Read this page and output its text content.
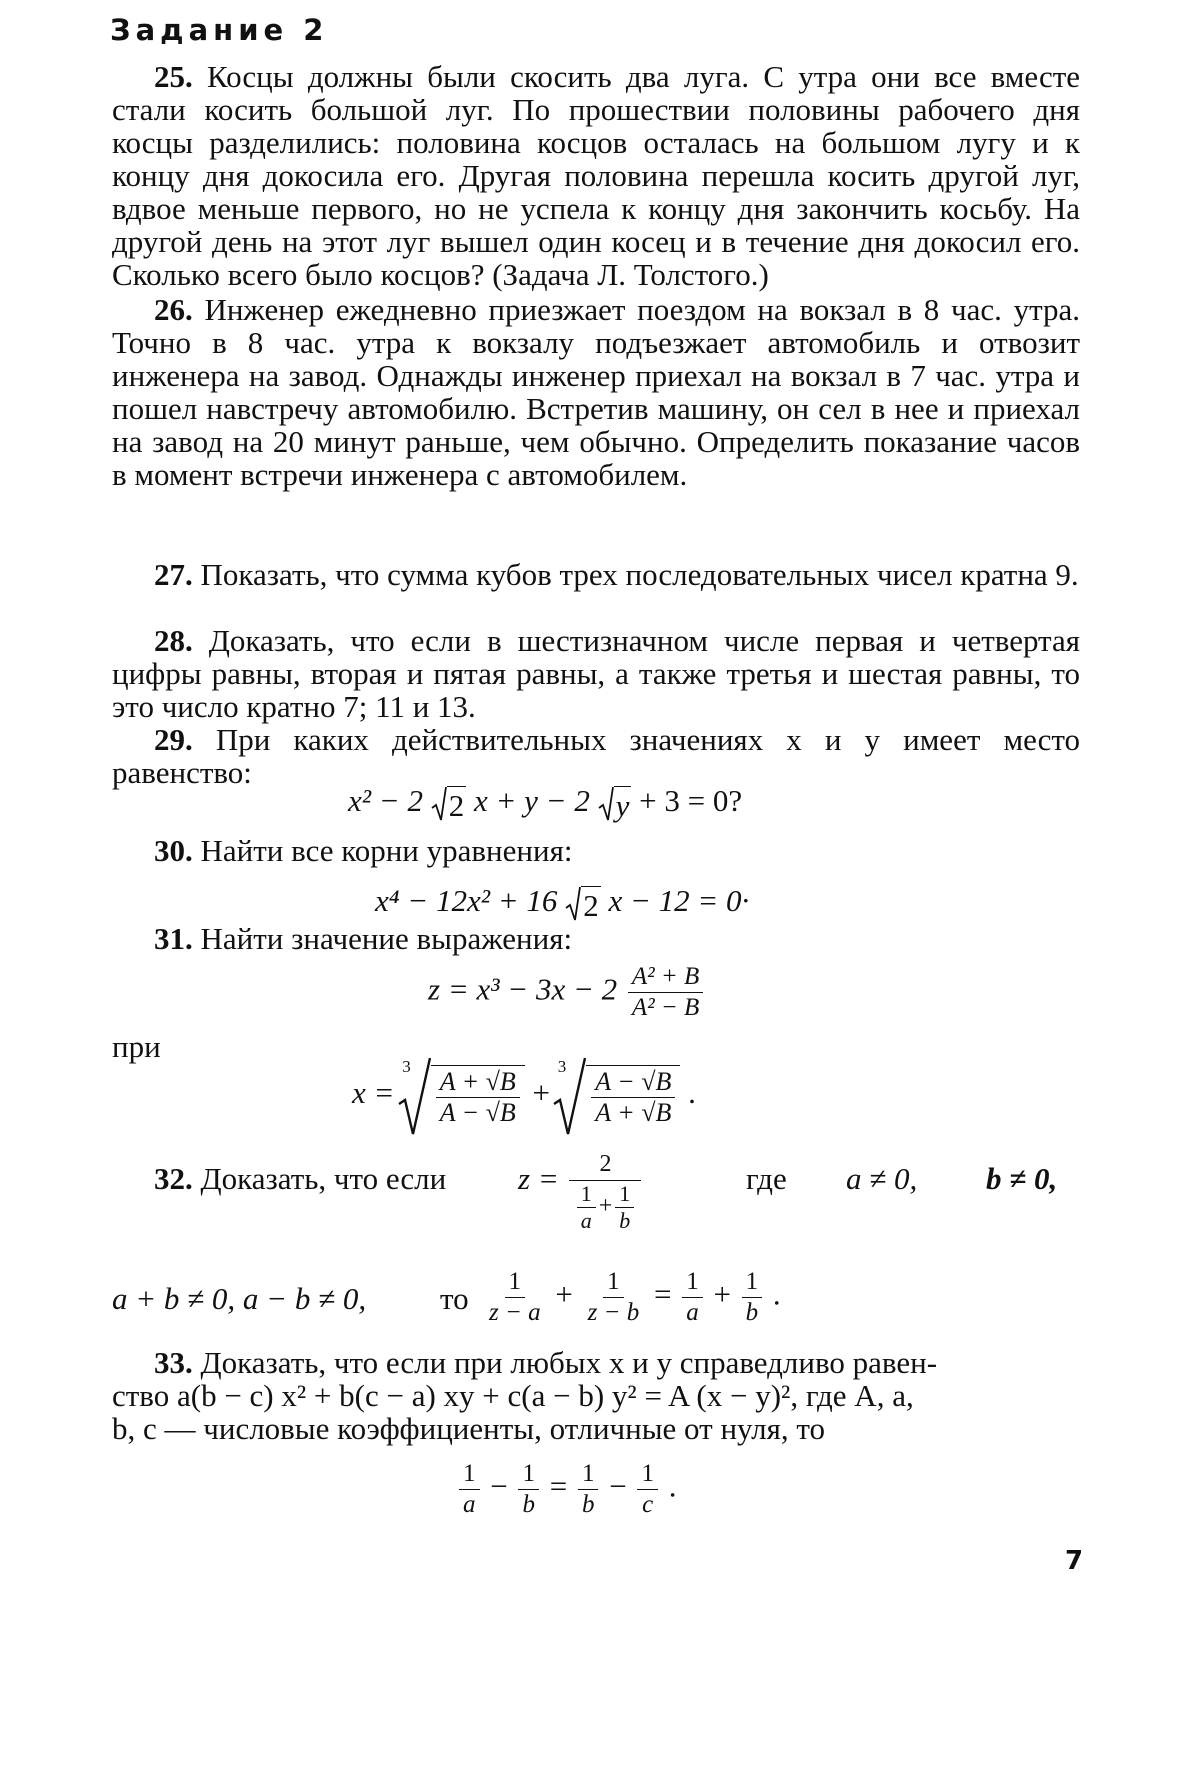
Задание 2

25. Косцы должны были скосить два луга. С утра они все вместе стали косить большой луг. По прошествии половины рабочего дня косцы разделились: половина косцов осталась на большом лугу и к концу дня докосила его. Другая половина перешла косить другой луг, вдвое меньше первого, но не успела к концу дня закончить косьбу. На другой день на этот луг вышел один косец и в течение дня докосил его. Сколько всего было косцов? (Задача Л. Толстого.)

26. Инженер ежедневно приезжает поездом на вокзал в 8 час. утра. Точно в 8 час. утра к вокзалу подъезжает автомобиль и отвозит инженера на завод. Однажды инженер приехал на вокзал в 7 час. утра и пошел навстречу автомобилю. Встретив машину, он сел в нее и приехал на завод на 20 минут раньше, чем обычно. Определить показание часов в момент встречи инженера с автомобилем.

27. Показать, что сумма кубов трех последовательных чисел кратна 9.

28. Доказать, что если в шестизначном числе первая и четвертая цифры равны, вторая и пятая равны, а также третья и шестая равны, то это число кратно 7; 11 и 13.

29. При каких действительных значениях x и y имеет место равенство:

x² − 2 2 x + y − 2 y + 3 = 0?

30. Найти все корни уравнения:

x⁴ − 12x² + 16 2 x − 12 = 0·

31. Найти значение выражения:

$z = x^3 - 3x - 2 \frac{\text{A² + B}}{\text{A² − B}}$
при
x =
3
$\frac{A + √B}{A - √B}$ +
3
$\frac{A - √B}{A + √B}$ .
32. Доказать, что если $z = \frac{2}{\frac{1}{a} + \frac{1}{b}}$	где a ≠ 0, b ≠ 0,
a + b ≠ 0, a − b ≠ 0, то $\frac{1}{z - a} + \frac{1}{z - b} = \frac{1}{a} + \frac{1}{b}$ .
33. Доказать, что если при любых x и y справедливо равен-
ство a(b − c) x² + b(c − a) xy + c(a − b) y² = A (x − y)², где A, a,
b, c — числовые коэффициенты, отличные от нуля, то
$\frac{1}{a} - \frac{1}{b} = \frac{1}{b} - \frac{1}{c}$ .
7
